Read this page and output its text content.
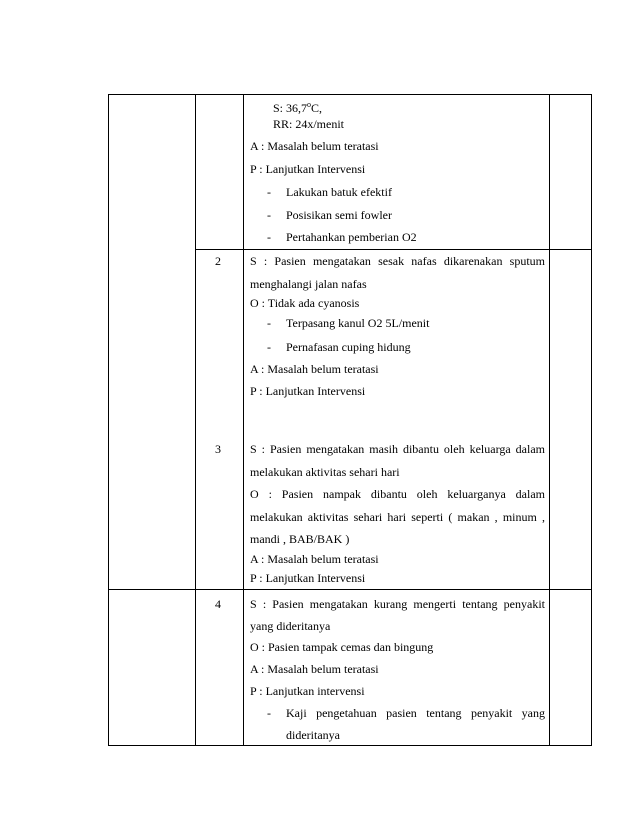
S: 36,7$^o$C,
RR: 24x/menit
A : Masalah belum teratasi
P : Lanjutkan Intervensi
- Lakukan batuk efektif
- Posisikan semi fowler
- Pertahankan pemberian O2
2 S : Pasien mengatakan sesak nafas dikarenakan sputum
menghalangi jalan nafas
O : Tidak ada cyanosis
- Terpasang kanul O2 5L/menit
- Pernafasan cuping hidung
A : Masalah belum teratasi
P : Lanjutkan Intervensi
3 S : Pasien mengatakan masih dibantu oleh keluarga dalam
melakukan aktivitas sehari hari
O : Pasien nampak dibantu oleh keluarganya dalam
melakukan aktivitas sehari hari seperti ( makan , minum ,
mandi , BAB/BAK )
A : Masalah belum teratasi
P : Lanjutkan Intervensi
4 S : Pasien mengatakan kurang mengerti tentang penyakit
yang dideritanya
O : Pasien tampak cemas dan bingung
A : Masalah belum teratasi
P : Lanjutkan intervensi
- Kaji pengetahuan pasien tentang penyakit yang
dideritanya
